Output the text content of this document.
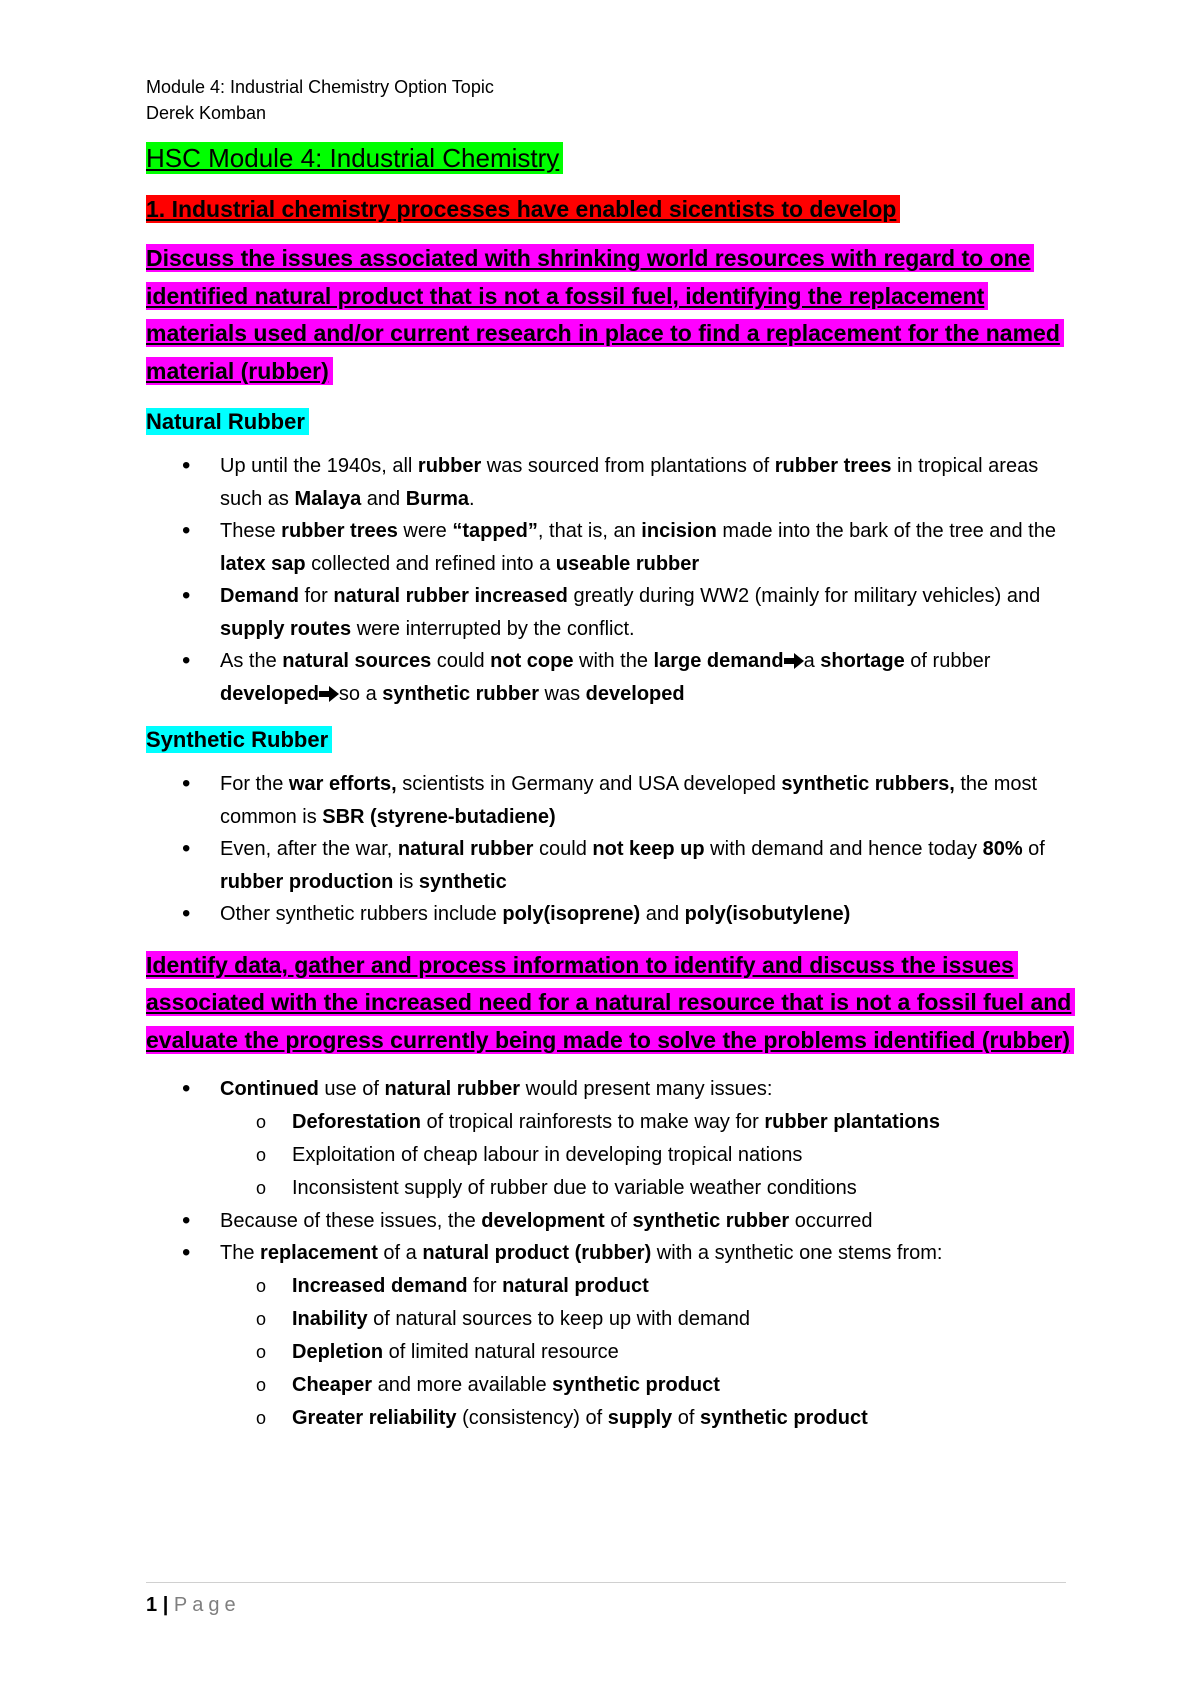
Module 4: Industrial Chemistry Option Topic
Derek Komban
HSC Module 4: Industrial Chemistry
1. Industrial chemistry processes have enabled sicentists to develop
Discuss the issues associated with shrinking world resources with regard to one identified natural product that is not a fossil fuel, identifying the replacement materials used and/or current research in place to find a replacement for the named material (rubber)
Natural Rubber
• Up until the 1940s, all rubber was sourced from plantations of rubber trees in tropical areas such as Malaya and Burma.
• These rubber trees were “tapped”, that is, an incision made into the bark of the tree and the latex sap collected and refined into a useable rubber
• Demand for natural rubber increased greatly during WW2 (mainly for military vehicles) and supply routes were interrupted by the conflict.
• As the natural sources could not cope with the large demand a shortage of rubber developed so a synthetic rubber was developed
Synthetic Rubber
• For the war efforts, scientists in Germany and USA developed synthetic rubbers, the most common is SBR (styrene-butadiene)
• Even, after the war, natural rubber could not keep up with demand and hence today 80% of rubber production is synthetic
• Other synthetic rubbers include poly(isoprene) and poly(isobutylene)
Identify data, gather and process information to identify and discuss the issues associated with the increased need for a natural resource that is not a fossil fuel and evaluate the progress currently being made to solve the problems identified (rubber)
• Continued use of natural rubber would present many issues:
o Deforestation of tropical rainforests to make way for rubber plantations
o Exploitation of cheap labour in developing tropical nations
o Inconsistent supply of rubber due to variable weather conditions
• Because of these issues, the development of synthetic rubber occurred
• The replacement of a natural product (rubber) with a synthetic one stems from:
o Increased demand for natural product
o Inability of natural sources to keep up with demand
o Depletion of limited natural resource
o Cheaper and more available synthetic product
o Greater reliability (consistency) of supply of synthetic product
1 | Page
